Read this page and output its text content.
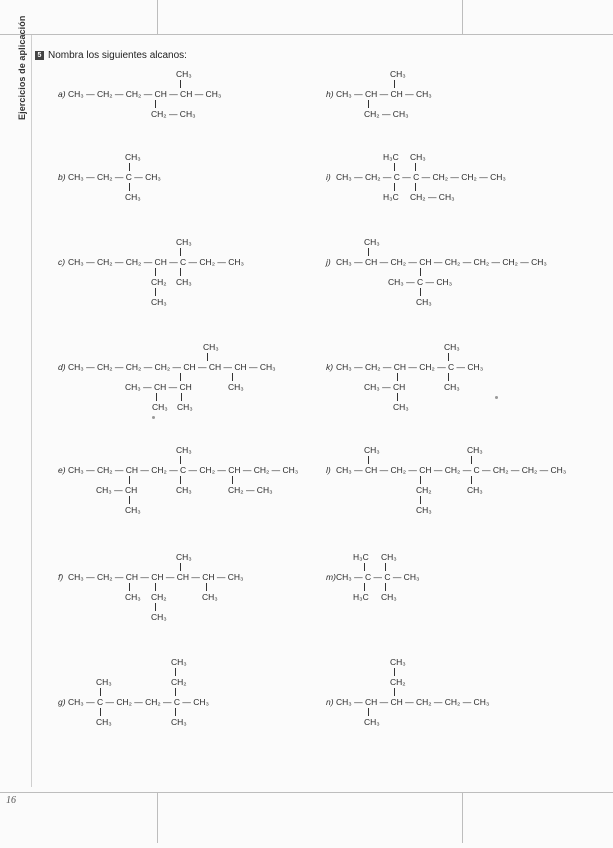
Ejercicios de aplicación	5 Nombra los siguientes alcanos:
a)
CH₃
CH₃ — CH₂ — CH₂ — CH — CH — CH₃
CH₂ — CH₃
b)
CH₃
CH₃ — CH₂ — C — CH₃
CH₃
c)
CH₃
CH₃ — CH₂ — CH₂ — CH — C — CH₂ — CH₃
CH₂ CH₃
CH₃
d)
CH₃
CH₃ — CH₂ — CH₂ — CH₂ — CH — CH — CH — CH₃
CH₃ — CH — CH	CH₃
CH₃ CH₃
e)
CH₃
CH₃ — CH₂ — CH — CH₂ — C — CH₂ — CH — CH₂ — CH₃
CH₃ — CH	CH₃	CH₂ — CH₃
CH₃
f)
CH₃
CH₃ — CH₂ — CH — CH — CH — CH — CH₃
CH₃ CH₂	CH₃
CH₃
g)
CH₃
CH₃	CH₂
CH₃ — C — CH₂ — CH₂ — C — CH₃
CH₃	CH₃
h)
CH₃
CH₃ — CH — CH — CH₃
CH₂ — CH₃
i)
H₃C CH₃
CH₃ — CH₂ — C — C — CH₂ — CH₂ — CH₃
H₃C CH₂ — CH₃
j)
CH₃
CH₃ — CH — CH₂ — CH — CH₂ — CH₂ — CH₂ — CH₃
CH₃ — C — CH₃
CH₃
k)
CH₃
CH₃ — CH₂ — CH — CH₂ — C — CH₃
CH₃ — CH	CH₃
CH₃
l)
CH₃	CH₃
CH₃ — CH — CH₂ — CH — CH₂ — C — CH₂ — CH₂ — CH₃
CH₂	CH₃
CH₃
m)
H₃C CH₃
CH₃ — C — C — CH₃
H₃C CH₃
n)
CH₃
CH₂
CH₃ — CH — CH — CH₂ — CH₂ — CH₃
CH₃
16
